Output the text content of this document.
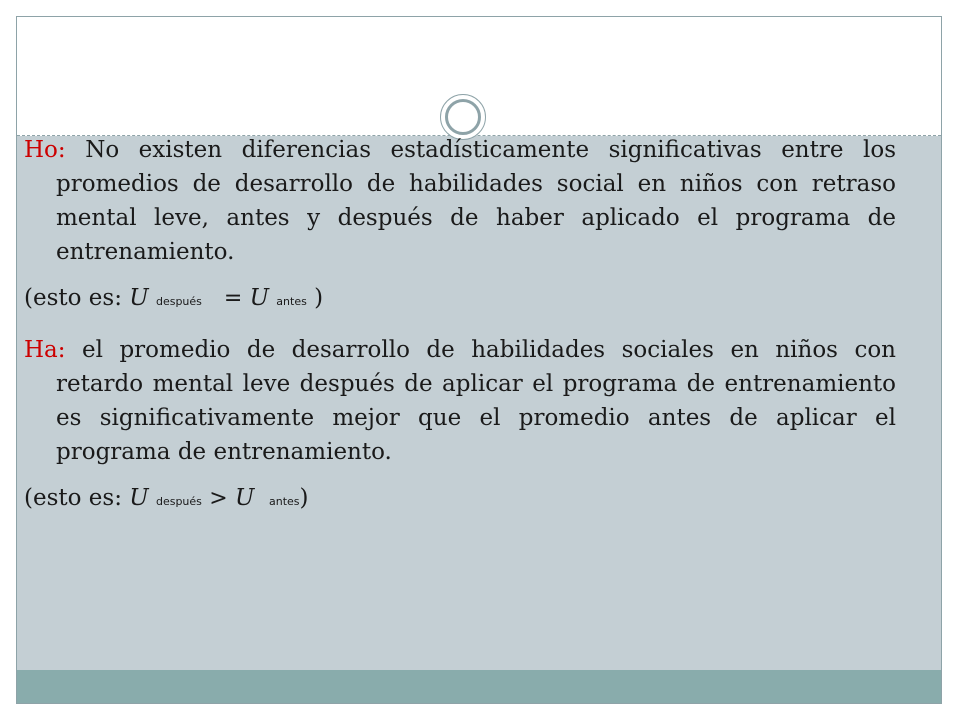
Ho: No existen diferencias estadísticamente significativas entre los promedios de desarrollo de habilidades social en niños con retraso mental leve, antes y después de haber aplicado el programa de entrenamiento.

(esto es: U después = U antes )

Ha: el promedio de desarrollo de habilidades sociales en niños con retardo mental leve después de aplicar el programa de entrenamiento es significativamente mejor que el promedio antes de aplicar el programa de entrenamiento.

(esto es: U después > U antes)
